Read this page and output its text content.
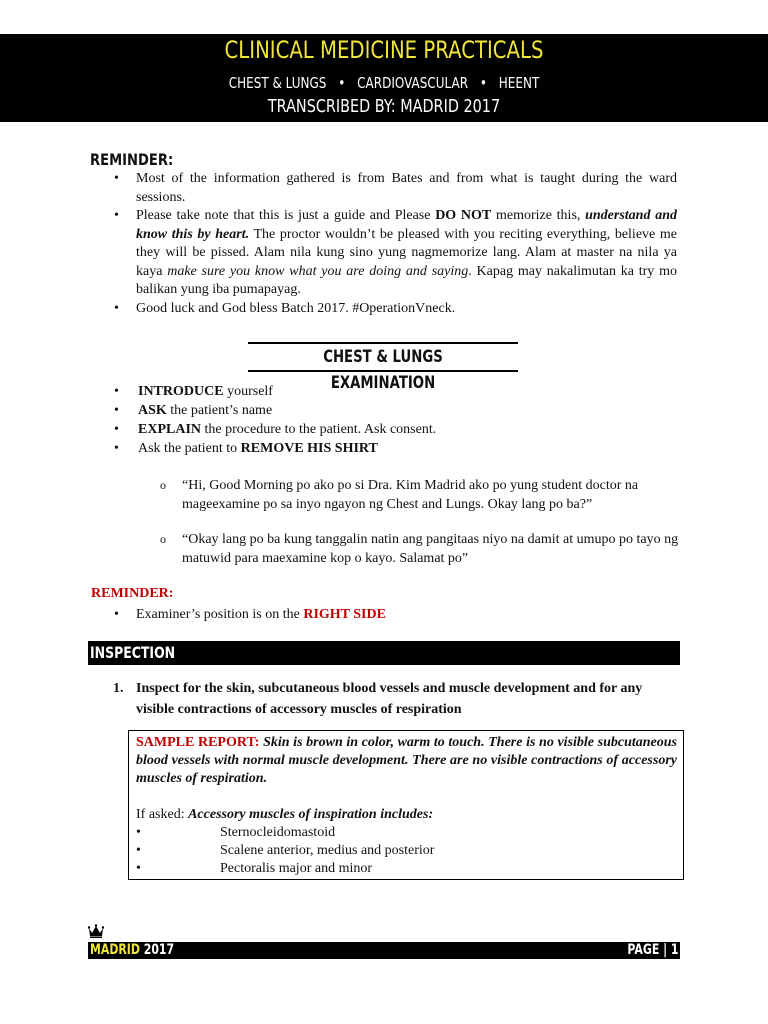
CLINICAL MEDICINE PRACTICALS
CHEST & LUNGS • CARDIOVASCULAR • HEENT
TRANSCRIBED BY: MADRID 2017
REMINDER:
• Most of the information gathered is from Bates and from what is taught during the ward sessions.
• Please take note that this is just a guide and Please DO NOT memorize this, understand and know this by heart. The proctor wouldn’t be pleased with you reciting everything, believe me they will be pissed. Alam nila kung sino yung nagmemorize lang. Alam at master na nila ya kaya make sure you know what you are doing and saying. Kapag may nakalimutan ka try mo balikan yung iba pumapayag.
• Good luck and God bless Batch 2017. #OperationVneck.
CHEST & LUNGS EXAMINATION
• INTRODUCE yourself
• ASK the patient’s name
• EXPLAIN the procedure to the patient. Ask consent.
• Ask the patient to REMOVE HIS SHIRT
o “Hi, Good Morning po ako po si Dra. Kim Madrid ako po yung student doctor na mageexamine po sa inyo ngayon ng Chest and Lungs. Okay lang po ba?”
o “Okay lang po ba kung tanggalin natin ang pangitaas niyo na damit at umupo po tayo ng matuwid para maexamine kop o kayo. Salamat po”
REMINDER:
• Examiner’s position is on the RIGHT SIDE
INSPECTION
1. Inspect for the skin, subcutaneous blood vessels and muscle development and for any visible contractions of accessory muscles of respiration
SAMPLE REPORT: Skin is brown in color, warm to touch. There is no visible subcutaneous blood vessels with normal muscle development. There are no visible contractions of accessory muscles of respiration.
If asked: Accessory muscles of inspiration includes:
•	Sternocleidomastoid
•	Scalene anterior, medius and posterior
•	Pectoralis major and minor
MADRID 2017	PAGE | 1
